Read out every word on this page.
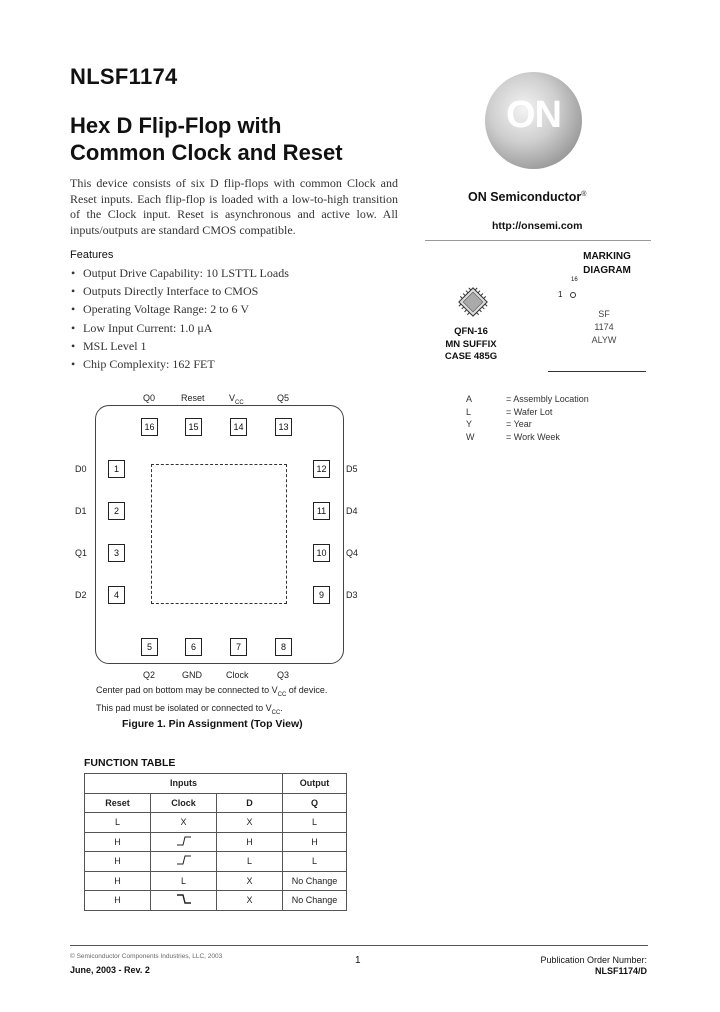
NLSF1174
Hex D Flip-Flop with
Common Clock and Reset

This device consists of six D flip-flops with common Clock and Reset inputs. Each flip-flop is loaded with a low-to-high transition of the Clock input. Reset is asynchronous and active low. All inputs/outputs are standard CMOS compatible.

Features
• Output Drive Capability: 10 LSTTL Loads
• Outputs Directly Interface to CMOS
• Operating Voltage Range: 2 to 6 V
• Low Input Current: 1.0 μA
• MSL Level 1
• Chip Complexity: 162 FET
ON
ON Semiconductor®
http://onsemi.com
MARKING
DIAGRAM
16
1
SF
1174
ALYW
QFN-16
MN SUFFIX
CASE 485G
A	= Assembly Location
L	= Wafer Lot
Y	= Year
W	= Work Week
Q0
16
Reset
15
$V_{CC}$
14
Q5
13
D0	1
D1	2
Q1	3
D2	4
12	D5
11	D4
10	Q4
9	D3
5
Q2
6
GND
7
Clock
8
Q3
Center pad on bottom may be connected to $V_{CC}$ of device.
This pad must be isolated or connected to $V_{CC}$.
Figure 1. Pin Assignment (Top View)
FUNCTION TABLE
Inputs			Output
Reset	Clock	D	Q
L	X	X	L
H		H	H
H		L	L
H	L	X	No Change
H		X	No Change
© Semiconductor Components Industries, LLC, 2003
June, 2003 - Rev. 2
1	Publication Order Number:
NLSF1174/D
